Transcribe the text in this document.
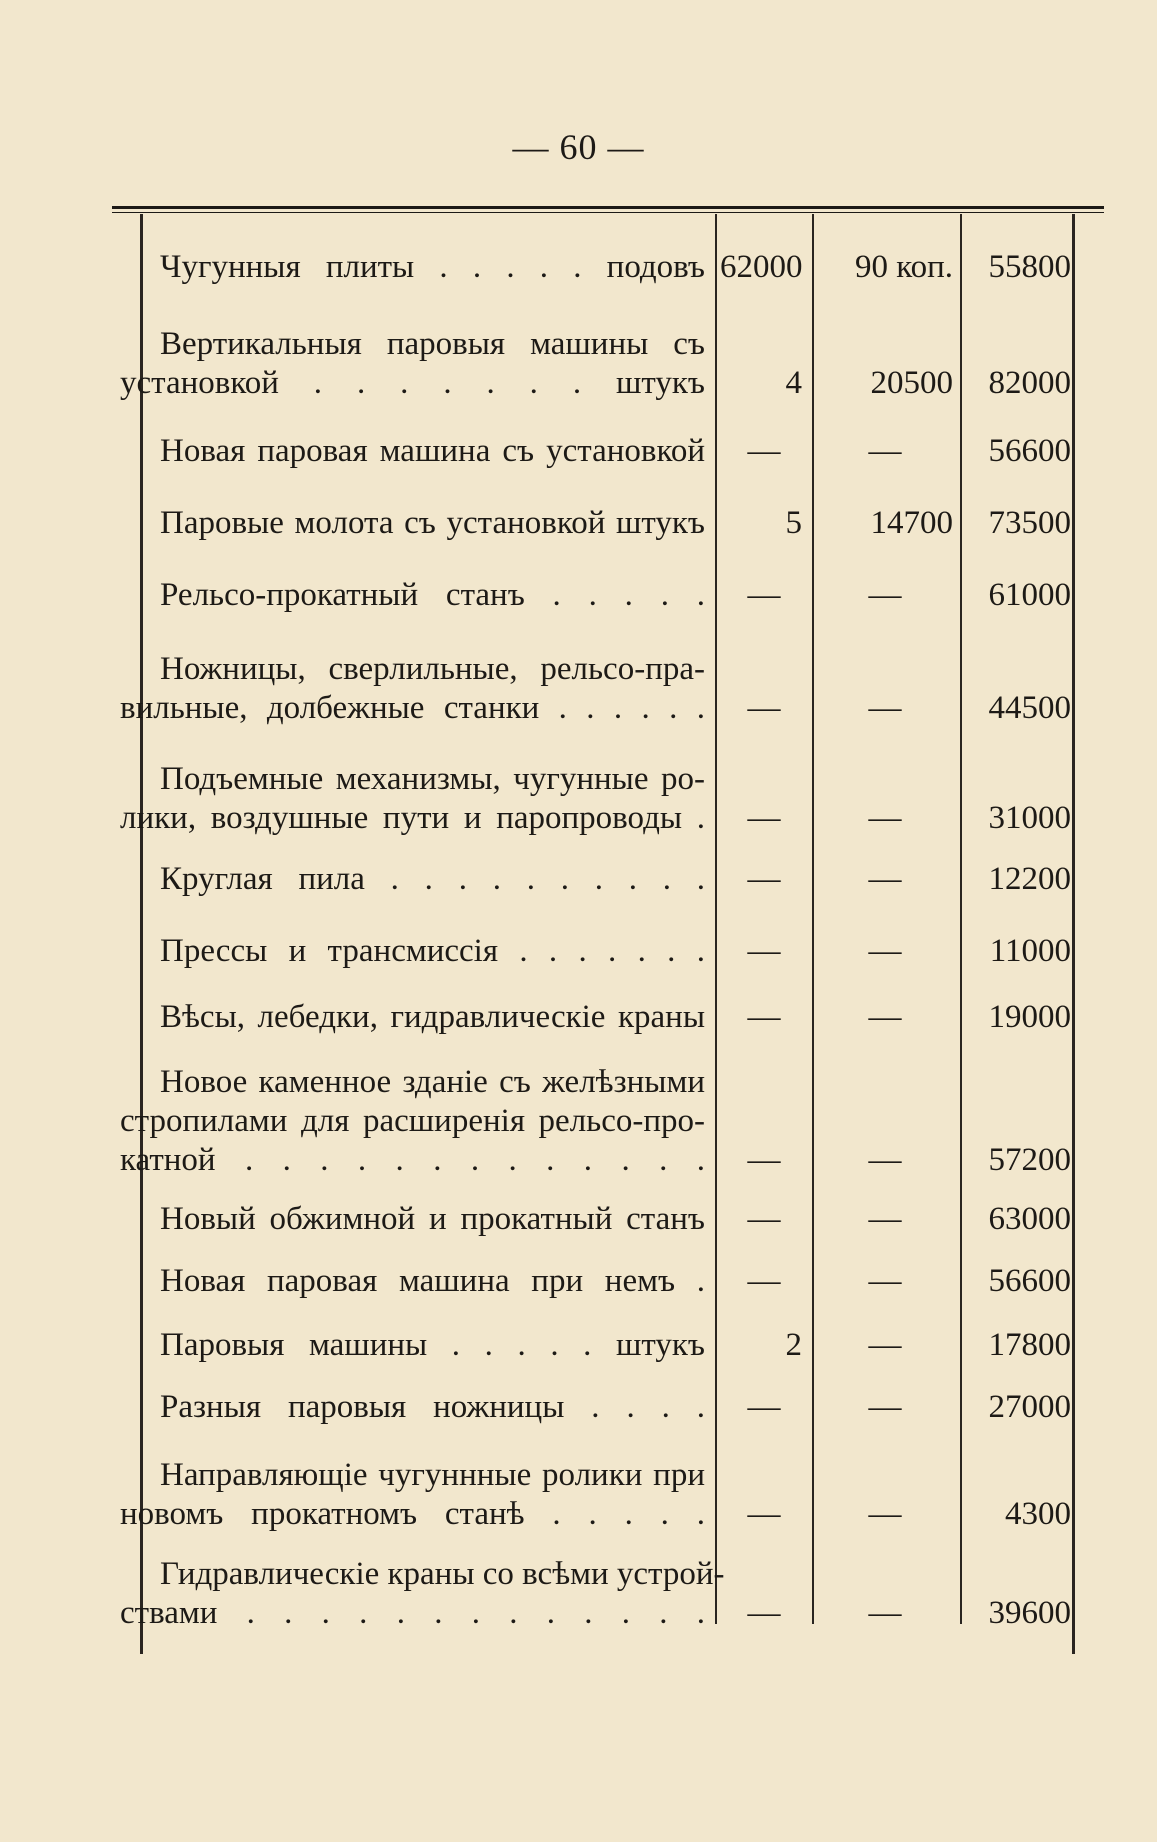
— 60 —
Чугунныя плиты . . . . . подовъ 62000	90 коп.	55800
Вертикальныя паровыя машины съ
установкой . . . . . . . штукъ	4	20500	82000
Новая паровая машина съ установкой	—	—	56600
Паровые молота съ установкой штукъ	5	14700	73500
Рельсо-прокатный станъ . . . . .	—	—	61000
Ножницы, сверлильные, рельсо-пра-
вильные, долбежные станки . . . . . .	—	—	44500
Подъемные механизмы, чугунные ро-
лики, воздушные пути и паропроводы .	—	—	31000
Круглая пила . . . . . . . . . .	—	—	12200
Прессы и трансмиссія . . . . . . .	—	—	11000
Вѣсы, лебедки, гидравлическіе краны	—	—	19000
Новое каменное зданіе съ желѣзными
стропилами для расширенія рельсо-про-
катной . . . . . . . . . . . . .	—	—	57200
Новый обжимной и прокатный станъ	—	—	63000
Новая паровая машина при немъ .	—	—	56600
Паровыя машины . . . . . штукъ	2	—	17800
Разныя паровыя ножницы . . . .	—	—	27000
Направляющіе чугуннные ролики при
новомъ прокатномъ станѣ . . . . .	—	—	4300
Гидравлическіе краны со всѣми устрой-
ствами . . . . . . . . . . . . .	—	—	39600
